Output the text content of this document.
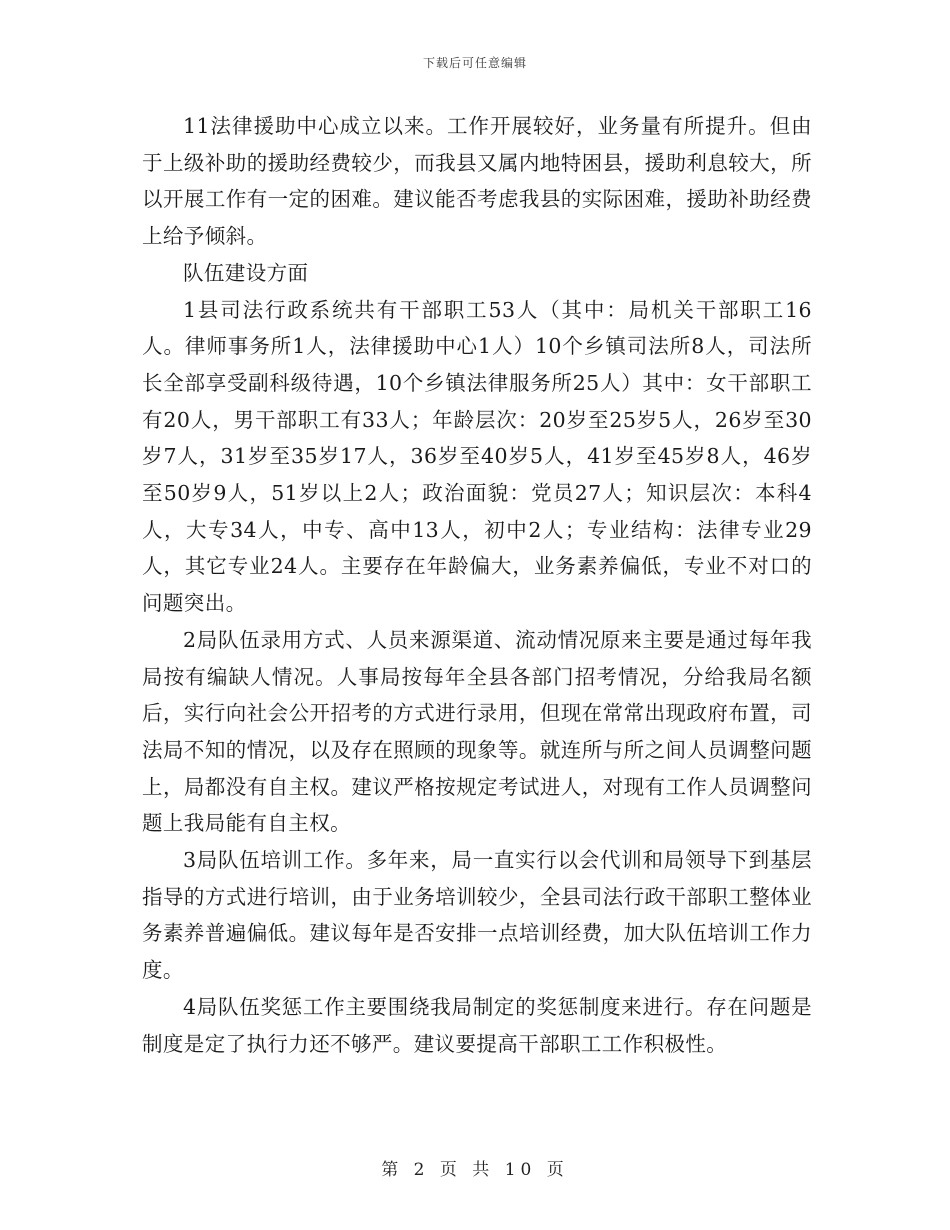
下载后可任意编辑

11法律援助中心成立以来。工作开展较好，业务量有所提升。但由于上级补助的援助经费较少，而我县又属内地特困县，援助利息较大，所以开展工作有一定的困难。建议能否考虑我县的实际困难，援助补助经费上给予倾斜。

队伍建设方面

1县司法行政系统共有干部职工53人（其中：局机关干部职工16人。律师事务所1人，法律援助中心1人）10个乡镇司法所8人，司法所长全部享受副科级待遇，10个乡镇法律服务所25人）其中：女干部职工有20人，男干部职工有33人；年龄层次：20岁至25岁5人，26岁至30岁7人，31岁至35岁17人，36岁至40岁5人，41岁至45岁8人，46岁至50岁9人，51岁以上2人；政治面貌：党员27人；知识层次：本科4人，大专34人，中专、高中13人，初中2人；专业结构：法律专业29人，其它专业24人。主要存在年龄偏大，业务素养偏低，专业不对口的问题突出。

2局队伍录用方式、人员来源渠道、流动情况原来主要是通过每年我局按有编缺人情况。人事局按每年全县各部门招考情况，分给我局名额后，实行向社会公开招考的方式进行录用，但现在常常出现政府布置，司法局不知的情况，以及存在照顾的现象等。就连所与所之间人员调整问题上，局都没有自主权。建议严格按规定考试进人，对现有工作人员调整问题上我局能有自主权。

3局队伍培训工作。多年来，局一直实行以会代训和局领导下到基层指导的方式进行培训，由于业务培训较少，全县司法行政干部职工整体业务素养普遍偏低。建议每年是否安排一点培训经费，加大队伍培训工作力度。

4局队伍奖惩工作主要围绕我局制定的奖惩制度来进行。存在问题是制度是定了执行力还不够严。建议要提高干部职工工作积极性。

第 2 页 共 10 页
